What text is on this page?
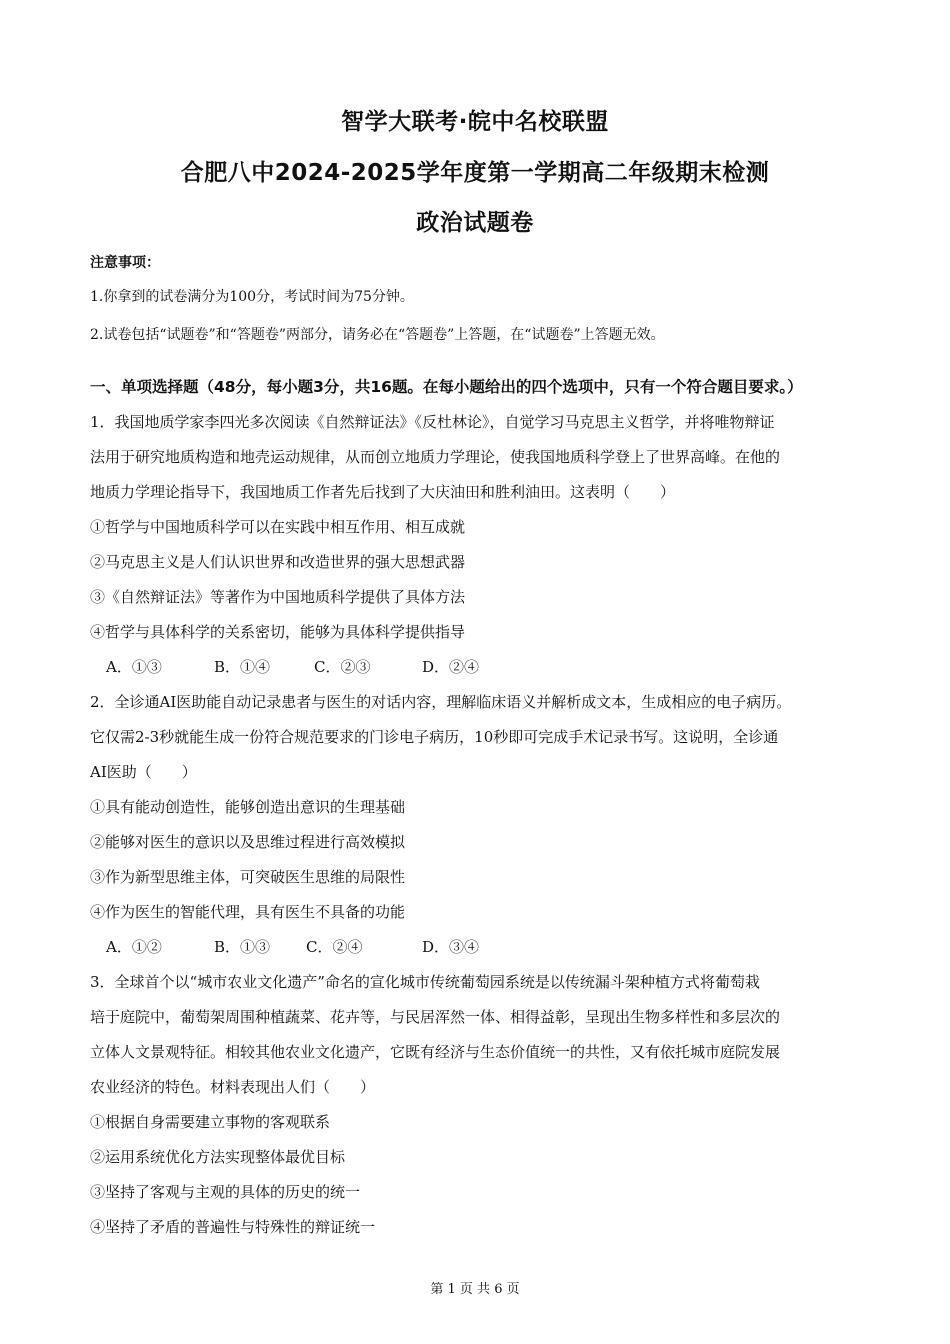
智学大联考·皖中名校联盟
合肥八中2024-2025学年度第一学期高二年级期末检测
政治试题卷
注意事项：
1.你拿到的试卷满分为100分，考试时间为75分钟。
2.试卷包括“试题卷”和“答题卷”两部分，请务必在“答题卷”上答题，在“试题卷”上答题无效。
一、单项选择题（48分，每小题3分，共16题。在每小题给出的四个选项中，只有一个符合题目要求。）
1．我国地质学家李四光多次阅读《自然辩证法》《反杜林论》，自觉学习马克思主义哲学，并将唯物辩证
法用于研究地质构造和地壳运动规律，从而创立地质力学理论，使我国地质科学登上了世界高峰。在他的
地质力学理论指导下，我国地质工作者先后找到了大庆油田和胜利油田。这表明（　　）
①哲学与中国地质科学可以在实践中相互作用、相互成就
②马克思主义是人们认识世界和改造世界的强大思想武器
③《自然辩证法》等著作为中国地质科学提供了具体方法
④哲学与具体科学的关系密切，能够为具体科学提供指导
A．①③	B．①④	C．②③	D．②④
2．全诊通AI医助能自动记录患者与医生的对话内容，理解临床语义并解析成文本，生成相应的电子病历。
它仅需2-3秒就能生成一份符合规范要求的门诊电子病历，10秒即可完成手术记录书写。这说明，全诊通
AI医助（　　）
①具有能动创造性，能够创造出意识的生理基础
②能够对医生的意识以及思维过程进行高效模拟
③作为新型思维主体，可突破医生思维的局限性
④作为医生的智能代理，具有医生不具备的功能
A．①②	B．①③ C．②④	D．③④
3．全球首个以“城市农业文化遗产”命名的宣化城市传统葡萄园系统是以传统漏斗架种植方式将葡萄栽
培于庭院中，葡萄架周围种植蔬菜、花卉等，与民居浑然一体、相得益彰，呈现出生物多样性和多层次的
立体人文景观特征。相较其他农业文化遗产，它既有经济与生态价值统一的共性，又有依托城市庭院发展
农业经济的特色。材料表现出人们（　　）
①根据自身需要建立事物的客观联系
②运用系统优化方法实现整体最优目标
③坚持了客观与主观的具体的历史的统一
④坚持了矛盾的普遍性与特殊性的辩证统一
第 1 页 共 6 页
